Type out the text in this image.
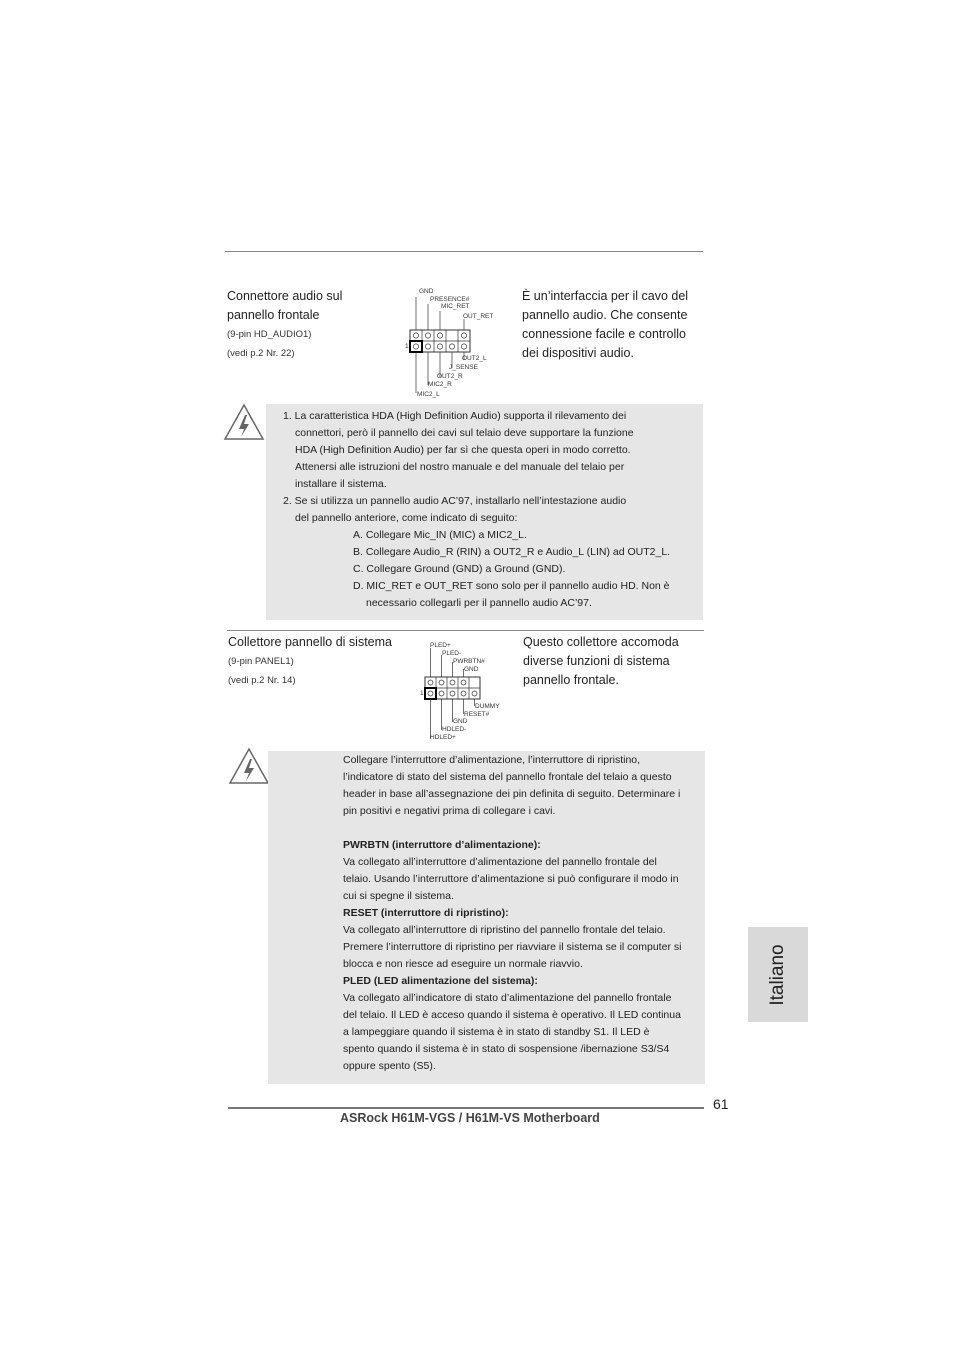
Connettore audio sul
pannello frontale
(9-pin HD_AUDIO1)
(vedi p.2 Nr. 22)
GND
PRESENCE#
MIC_RET
OUT_RET
1
OUT2_L
J_SENSE
OUT2_R
MIC2_R
MIC2_L
È un’interfaccia per il cavo del
pannello audio. Che consente
connessione facile e controllo
dei dispositivi audio.
1. La caratteristica HDA (High Definition Audio) supporta il rilevamento dei
connettori, però il pannello dei cavi sul telaio deve supportare la funzione
HDA (High Definition Audio) per far sì che questa operi in modo corretto.
Attenersi alle istruzioni del nostro manuale e del manuale del telaio per
installare il sistema.
2. Se si utilizza un pannello audio AC’97, installarlo nell’intestazione audio
del pannello anteriore, come indicato di seguito:
A. Collegare Mic_IN (MIC) a MIC2_L.
B. Collegare Audio_R (RIN) a OUT2_R e Audio_L (LIN) ad OUT2_L.
C. Collegare Ground (GND) a Ground (GND).
D. MIC_RET e OUT_RET sono solo per il pannello audio HD. Non è
necessario collegarli per il pannello audio AC’97.
Collettore pannello di sistema
(9-pin PANEL1)
(vedi p.2 Nr. 14)
PLED+
PLED-
PWRBTN#
GND
1
DUMMY
RESET#
GND
HDLED-
HDLED+
Questo collettore accomoda
diverse funzioni di sistema
pannello frontale.
Collegare l’interruttore d’alimentazione, l’interruttore di ripristino,
l’indicatore di stato del sistema del pannello frontale del telaio a questo
header in base all’assegnazione dei pin definita di seguito. Determinare i
pin positivi e negativi prima di collegare i cavi.
PWRBTN (interruttore d’alimentazione):
Va collegato all’interruttore d’alimentazione del pannello frontale del
telaio. Usando l’interruttore d’alimentazione si può configurare il modo in
cui si spegne il sistema.
RESET (interruttore di ripristino):
Va collegato all’interruttore di ripristino del pannello frontale del telaio.
Premere l’interruttore di ripristino per riavviare il sistema se il computer si
blocca e non riesce ad eseguire un normale riavvio.
PLED (LED alimentazione del sistema):
Va collegato all’indicatore di stato d’alimentazione del pannello frontale
del telaio. Il LED è acceso quando il sistema è operativo. Il LED continua
a lampeggiare quando il sistema è in stato di standby S1. Il LED è
spento quando il sistema è in stato di sospensione /ibernazione S3/S4
oppure spento (S5).
Italiano
61
ASRock H61M-VGS / H61M-VS Motherboard
